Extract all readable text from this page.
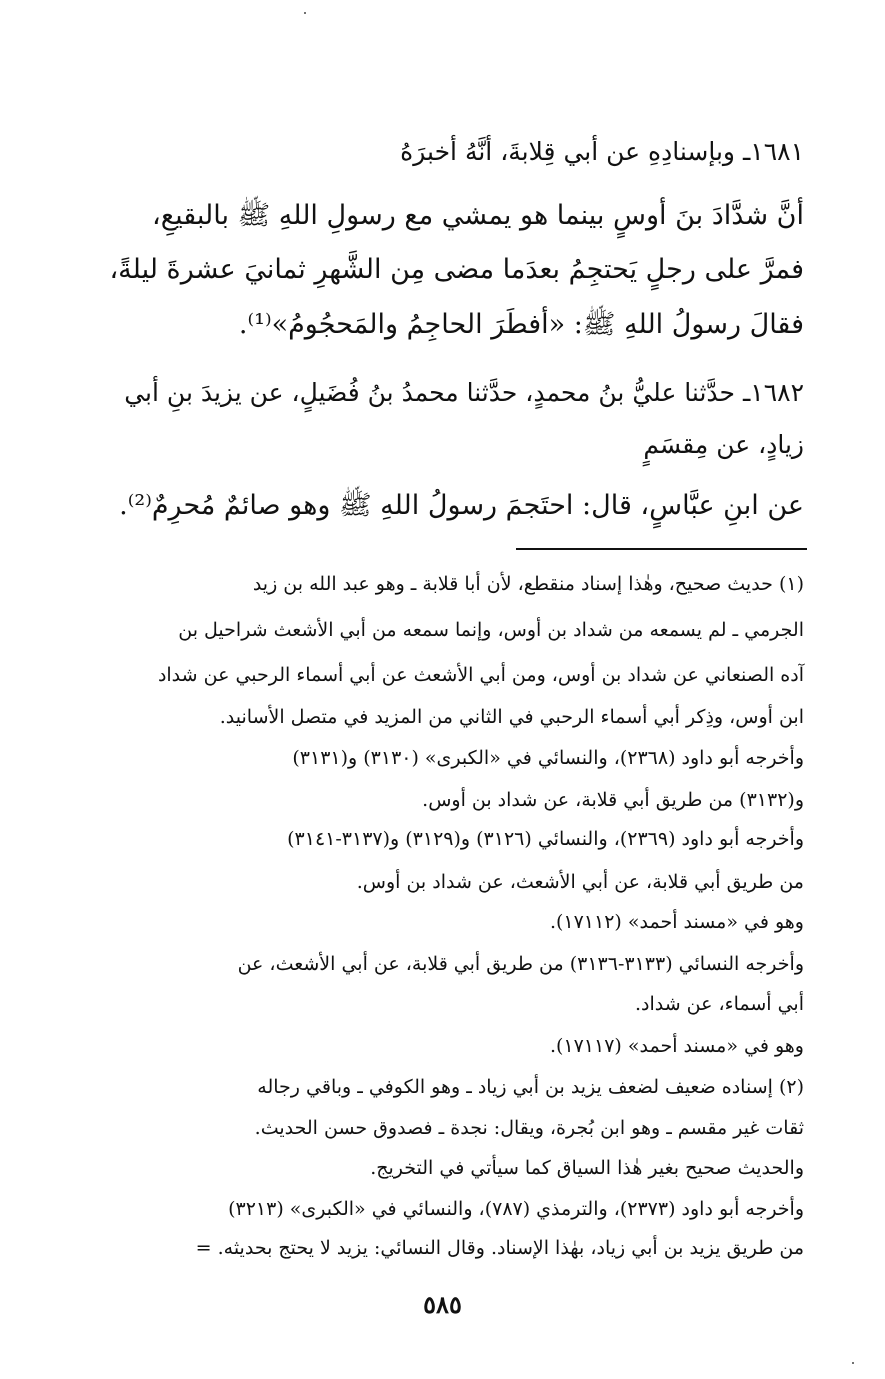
١٦٨١ـ وبإسنادِهِ عن أبي قِلابةَ، أنَّهُ أخبرَهُ
أنَّ شدَّادَ بنَ أوسٍ بينما هو يمشي مع رسولِ اللهِ ﷺ بالبقيعِ،
فمرَّ على رجلٍ يَحتجِمُ بعدَما مضى مِن الشَّهرِ ثمانيَ عشرةَ ليلةً،
فقالَ رسولُ اللهِ ﷺ: «أفطَرَ الحاجِمُ والمَحجُومُ»⁽¹⁾.
١٦٨٢ـ حدَّثنا عليُّ بنُ محمدٍ، حدَّثنا محمدُ بنُ فُضَيلٍ، عن يزيدَ بنِ أبي
زيادٍ، عن مِقسَمٍ
عن ابنِ عبَّاسٍ، قال: احتَجمَ رسولُ اللهِ ﷺ وهو صائمٌ مُحرِمٌ⁽²⁾.
(١) حديث صحيح، وهٰذا إسناد منقطع، لأن أبا قلابة ـ وهو عبد الله بن زيد
الجرمي ـ لم يسمعه من شداد بن أوس، وإنما سمعه من أبي الأشعث شراحيل بن
آده الصنعاني عن شداد بن أوس، ومن أبي الأشعث عن أبي أسماء الرحبي عن شداد
ابن أوس، وذِكر أبي أسماء الرحبي في الثاني من المزيد في متصل الأسانيد.
وأخرجه أبو داود (٢٣٦٨)، والنسائي في «الكبرى» (٣١٣٠) و(٣١٣١)
و(٣١٣٢) من طريق أبي قلابة، عن شداد بن أوس.
وأخرجه أبو داود (٢٣٦٩)، والنسائي (٣١٢٦) و(٣١٢٩) و(٣١٣٧-٣١٤١)
من طريق أبي قلابة، عن أبي الأشعث، عن شداد بن أوس.
وهو في «مسند أحمد» (١٧١١٢).
وأخرجه النسائي (٣١٣٣-٣١٣٦) من طريق أبي قلابة، عن أبي الأشعث، عن
أبي أسماء، عن شداد.
وهو في «مسند أحمد» (١٧١١٧).
(٢) إسناده ضعيف لضعف يزيد بن أبي زياد ـ وهو الكوفي ـ وباقي رجاله
ثقات غير مقسم ـ وهو ابن بُجرة، ويقال: نجدة ـ فصدوق حسن الحديث.
والحديث صحيح بغير هٰذا السياق كما سيأتي في التخريج.
وأخرجه أبو داود (٢٣٧٣)، والترمذي (٧٨٧)، والنسائي في «الكبرى» (٣٢١٣)
من طريق يزيد بن أبي زياد، بهٰذا الإسناد. وقال النسائي: يزيد لا يحتج بحديثه. =
٥٨٥
